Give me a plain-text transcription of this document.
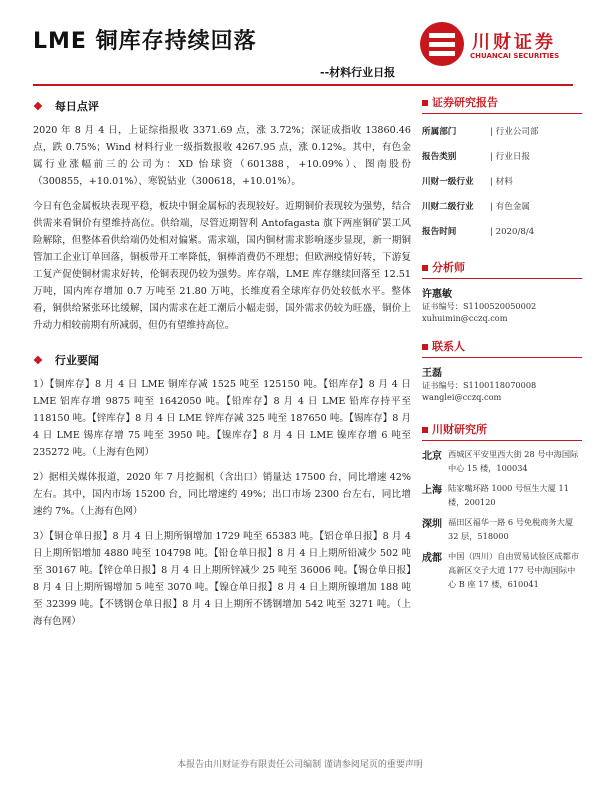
LME 铜库存持续回落
--材料行业日报
川财证券
CHUANCAI SECURITIES
❖ 每日点评

2020 年 8 月 4 日，上证综指报收 3371.69 点，涨 3.72%；深证成指收 13860.46 点，跌 0.75%；Wind 材料行业一级指数报收 4267.95 点，涨 0.12%。其中，有色金属行业涨幅前三的公司为：XD 怡球资（601388，+10.09%）、图南股份（300855，+10.01%）、寒锐钴业（300618，+10.01%）。

今日有色金属板块表现平稳，板块中铜金属标的表现较好。近期铜价表现较为强势，结合供需来看铜价有望维持高位。供给端，尽管近期智利 Antofagasta 旗下两座铜矿罢工风险解除，但整体看供给端仍处相对偏紧。需求端，国内铜材需求影响逐步显现，新一期铜管加工企业订单回落，铜板带开工率降低，铜棒消费仍不理想；但欧洲疫情好转，下游复工复产促使铜材需求好转，伦铜表现仍较为强势。库存端，LME 库存继续回落至 12.51 万吨，国内库存增加 0.7 万吨至 21.80 万吨，长维度看全球库存仍处较低水平。整体看，铜供给紧张环比缓解，国内需求在赶工潮后小幅走弱，国外需求仍较为旺盛，铜价上升动力相较前期有所减弱，但仍有望维持高位。

❖ 行业要闻

1）【铜库存】8 月 4 日 LME 铜库存减 1525 吨至 125150 吨。【铝库存】8 月 4 日 LME 铝库存增 9875 吨至 1642050 吨。【铅库存】8 月 4 日 LME 铅库存持平至 118150 吨。【锌库存】8 月 4 日 LME 锌库存减 325 吨至 187650 吨。【锡库存】8 月 4 日 LME 锡库存增 75 吨至 3950 吨。【镍库存】8 月 4 日 LME 镍库存增 6 吨至 235272 吨。（上海有色网）

2）据相关媒体报道，2020 年 7 月挖掘机（含出口）销量达 17500 台，同比增速 42% 左右。其中，国内市场 15200 台，同比增速约 49%；出口市场 2300 台左右，同比增速约 7%。（上海有色网）

3）【铜仓单日报】8 月 4 日上期所铜增加 1729 吨至 65383 吨。【铝仓单日报】8 月 4 日上期所铝增加 4880 吨至 104798 吨。【铅仓单日报】8 月 4 日上期所铅减少 502 吨至 30167 吨。【锌仓单日报】8 月 4 日上期所锌减少 25 吨至 36006 吨。【锡仓单日报】8 月 4 日上期所锡增加 5 吨至 3070 吨。【镍仓单日报】8 月 4 日上期所镍增加 188 吨至 32399 吨。【不锈钢仓单日报】8 月 4 日上期所不锈钢增加 542 吨至 3271 吨。（上海有色网）

证券研究报告
所属部门	| 行业公司部
报告类别	| 行业日报
川财一级行业	| 材料
川财二级行业	| 有色金属
报告时间	| 2020/8/4
分析师
许惠敏
证书编号：S1100520050002
xuhuimin@cczq.com
联系人
王磊
证书编号：S1100118070008
wanglei@cczq.com
川财研究所
北京 西城区平安里西大街 28 号中海国际中心 15 楼，100034
上海 陆家嘴环路 1000 号恒生大厦 11 楼，200120
深圳 福田区福华一路 6 号免税商务大厦 32 层，518000
成都 中国（四川）自由贸易试验区成都市高新区交子大道 177 号中海国际中心 B 座 17 楼，610041
本报告由川财证券有限责任公司编制 谨请参阅尾页的重要声明
